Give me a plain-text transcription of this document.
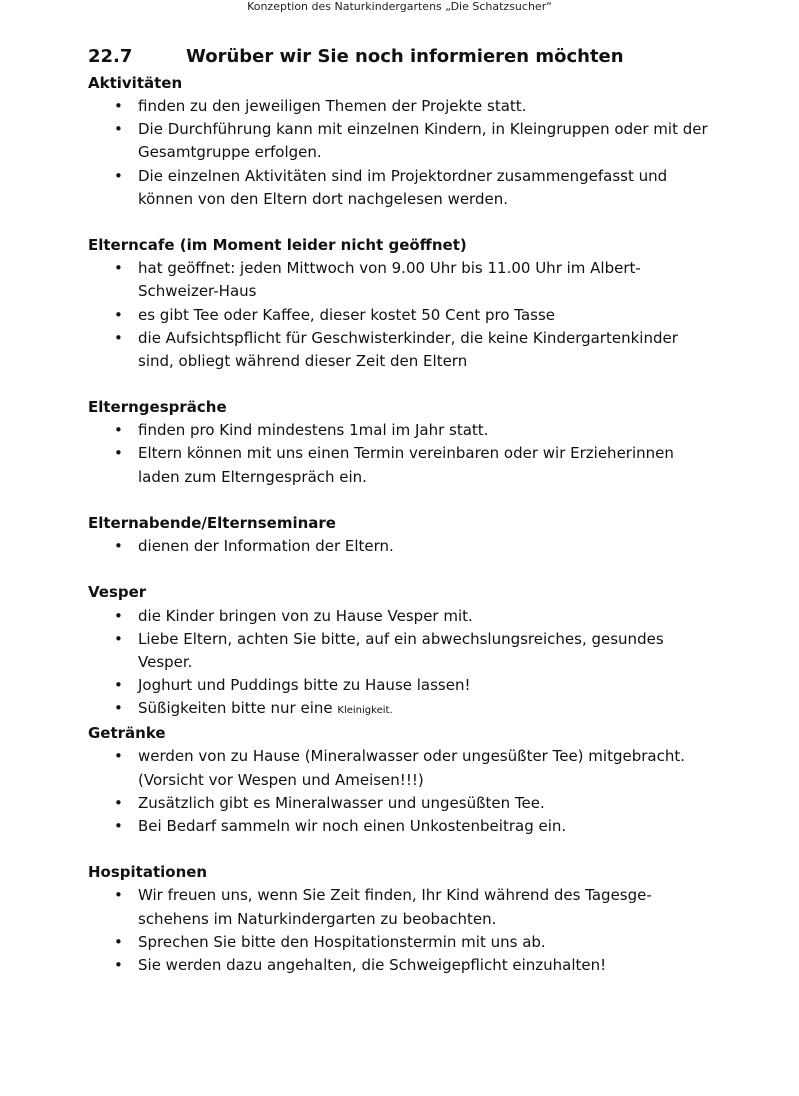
Konzeption des Naturkindergartens „Die Schatzsucher“
22.7	Worüber wir Sie noch informieren möchten
Aktivitäten
• finden zu den jeweiligen Themen der Projekte statt.
• Die Durchführung kann mit einzelnen Kindern, in Kleingruppen oder mit der
Gesamtgruppe erfolgen.
• Die einzelnen Aktivitäten sind im Projektordner zusammengefasst und
können von den Eltern dort nachgelesen werden.
Elterncafe (im Moment leider nicht geöffnet)
• hat geöffnet: jeden Mittwoch von 9.00 Uhr bis 11.00 Uhr im Albert-
Schweizer-Haus
• es gibt Tee oder Kaffee, dieser kostet 50 Cent pro Tasse
• die Aufsichtspflicht für Geschwisterkinder, die keine Kindergartenkinder
sind, obliegt während dieser Zeit den Eltern
Elterngespräche
• finden pro Kind mindestens 1mal im Jahr statt.
• Eltern können mit uns einen Termin vereinbaren oder wir Erzieherinnen
laden zum Elterngespräch ein.
Elternabende/Elternseminare
• dienen der Information der Eltern.
Vesper
• die Kinder bringen von zu Hause Vesper mit.
• Liebe Eltern, achten Sie bitte, auf ein abwechslungsreiches, gesundes
Vesper.
• Joghurt und Puddings bitte zu Hause lassen!
• Süßigkeiten bitte nur eine Kleinigkeit.
Getränke
• werden von zu Hause (Mineralwasser oder ungesüßter Tee) mitgebracht.
(Vorsicht vor Wespen und Ameisen!!!)
• Zusätzlich gibt es Mineralwasser und ungesüßten Tee.
• Bei Bedarf sammeln wir noch einen Unkostenbeitrag ein.
Hospitationen
• Wir freuen uns, wenn Sie Zeit finden, Ihr Kind während des Tagesge-
schehens im Naturkindergarten zu beobachten.
• Sprechen Sie bitte den Hospitationstermin mit uns ab.
• Sie werden dazu angehalten, die Schweigepflicht einzuhalten!
